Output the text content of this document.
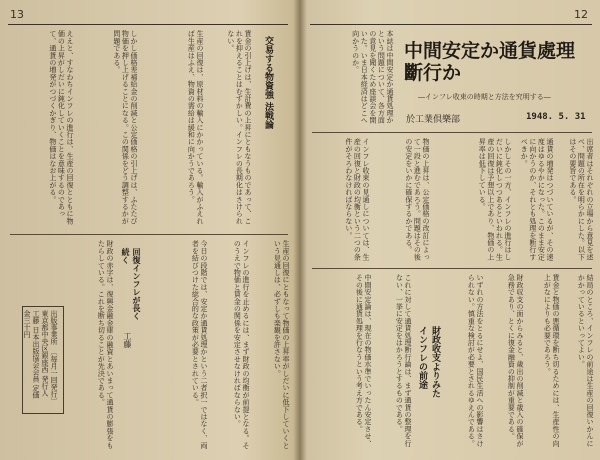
13
ええと、すなわちインフレの進行は、生産の回復とともに物価の上昇がしだいに鈍化していくことを意味するのであって、通貨の増発がつづくかぎり、物価はなお上がる。	しかし価格差補給金の削減と公定価格の引上げは、ふたたび物価を押し上げることになる。この関係をどう調整するかが問題である。	生産の回復は、原材料の輸入にかかっている。輸入がふえれば生産はふえ、物資の需給は緩和に向かうであろう。	賃金の引上げは、生計費の上昇にともなうものであって、これを抑えることはむずかしい。インフレの長期化はさけられない。	交易する物資強 法戦論
出版事業所　〔毎月一回発行〕 東京都中央区銀座西 発行人　工藤 日本出版協会会員 定価　金三十円	財政の赤字は、復興金融金庫の融資とあいまって通貨の膨張をもたらしている。これを断ち切ることが先決である。	回復インフレが長く 続く
工藤	今日の段階では、安定か通貨処理かという二者択一ではなく、両者を結びつけた総合的な政策が必要とされている。	インフレの進行を止めるには、まず財政の均衡が前提となる。そのうえで物価と賃金の関係を安定させなければならない。	生産の回復にともなって物価の上昇率がしだいに低下していくという見通しは、必ずしも楽観を許さない。
12
中間安定か通貨處理
斷行か
―インフレ收束の時期と方法を究明する―
於工業倶樂部	1948. 5. 31
本誌は中間安定か通貨処理かという問題について、各方面の意見を聞くため座談会を開いた。いま日本経済はどこへ向かうのか。
しかしその一方、インフレの進行はしだいに鈍化しつつあるといわれる。生産の回復は予想以上であり、物価の上昇率は低下している。	通貨の増発はつづいているが、その速度はゆるやかになった。このまま安定に向かうのか、それとも処理を断行すべきか。	出席者はそれぞれの立場から意見を述べ、問題の所在を明らかにした。以下はその要旨である。
インフレ收束の見通しについては、生産の回復と財政の均衡という二つの条件がそろわなければならない。	物価の上昇は、公定価格の改訂によって一段と進むであろう。問題はその後の安定をいかに確保するかである。
中間安定論は、現在の物価水準でいったん安定させ、その後に通貨処理を行なうという考え方である。	これに対して通貨処理断行論は、まず通貨の整理を行ない、一挙に安定をはかろうとするものである。	財政收支よりみた インフレの前途	いずれの方法をとるにせよ、国民生活への影響はさけられない。慎重な検討が必要とされるゆえんである。	財政収支の面からみると、歳出の削減と歳入の確保が急務であり、とくに復金融資の抑制が重要である。	賃金と物価の悪循環を断ち切るためには、生産性の向上がなによりも必要であろう。	結局のところ、インフレの前途は生産の回復いかんにかかっているといってよい。
